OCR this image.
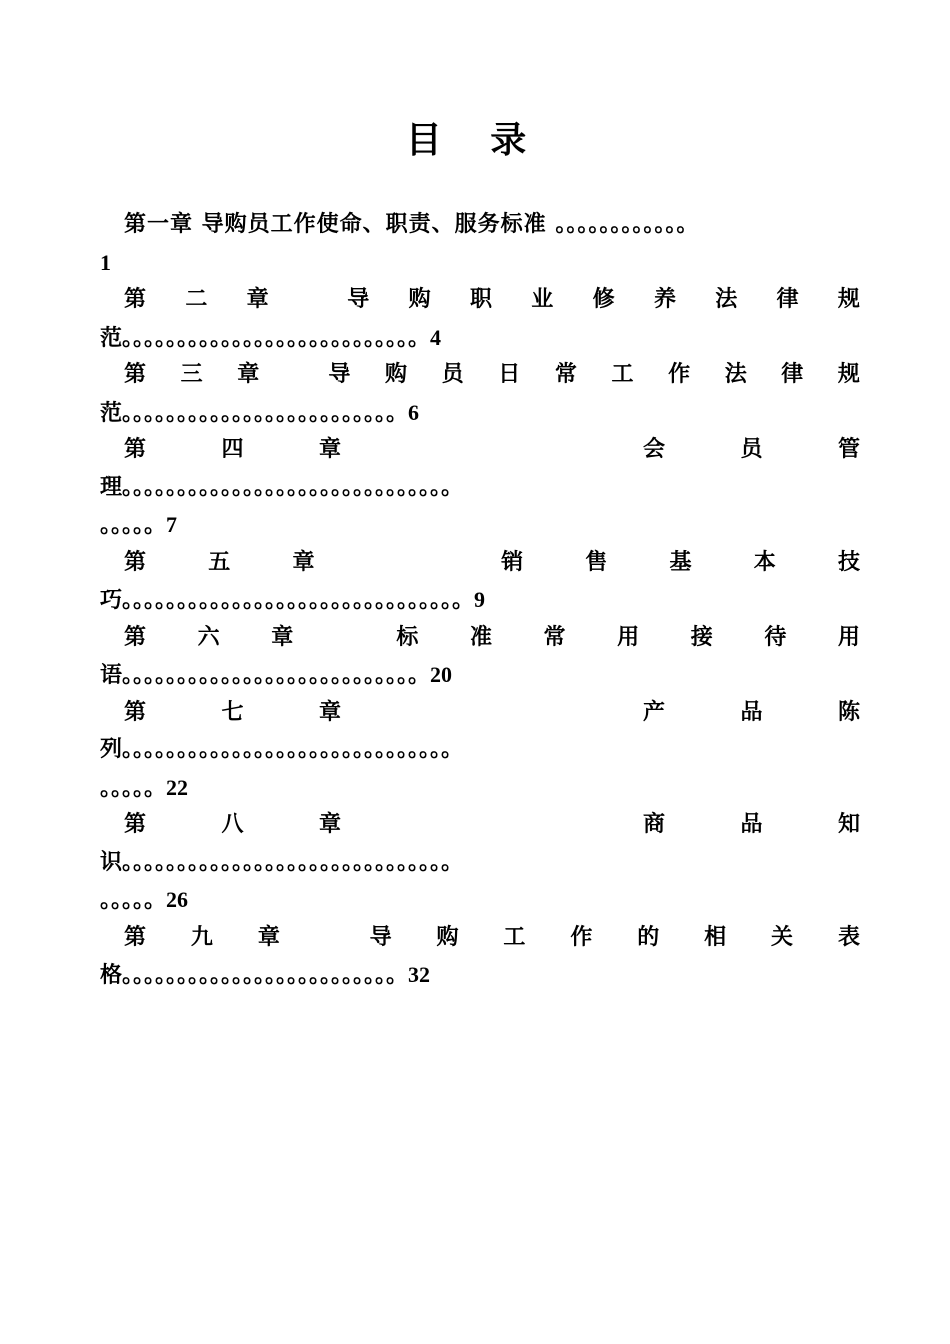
目 录
第一章 导购员工作使命、职责、服务标准 。。。。。。。。。。。。
1
第 二 章	导 购 职 业 修 养 法 律 规
范。。。。。。。。。。。。。。。。。。。。。。。。。。。4
第 三 章	导 购 员 日 常 工 作 法 律 规
范。。。。。。。。。。。。。。。。。。。。。。。。。6
第	四	章	会	员	管
理。。。。。。。。。。。。。。。。。。。。。。。。。。。。。。
。。。。。7
第	五	章	销	售	基	本	技
巧。。。。。。。。。。。。。。。。。。。。。。。。。。。。。。。9
第 六 章	标 准 常 用 接 待 用
语。。。。。。。。。。。。。。。。。。。。。。。。。。。20
第	七	章	产	品	陈
列。。。。。。。。。。。。。。。。。。。。。。。。。。。。。。
。。。。。22
第	八	章	商	品	知
识。。。。。。。。。。。。。。。。。。。。。。。。。。。。。。
。。。。。26
第 九 章	导 购 工 作 的 相 关 表
格。。。。。。。。。。。。。。。。。。。。。。。。。32
